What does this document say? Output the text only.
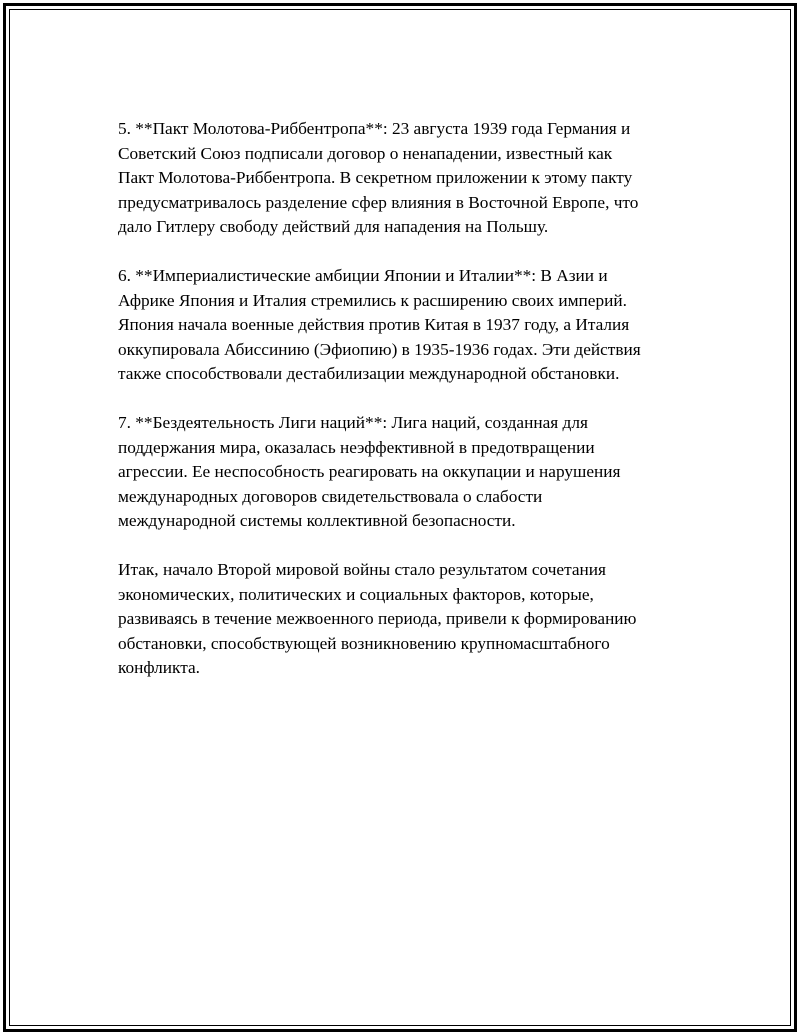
5. **Пакт Молотова-Риббентропа**: 23 августа 1939 года Германия и
Советский Союз подписали договор о ненападении, известный как
Пакт Молотова-Риббентропа. В секретном приложении к этому пакту
предусматривалось разделение сфер влияния в Восточной Европе, что
дало Гитлеру свободу действий для нападения на Польшу.

6. **Империалистические амбиции Японии и Италии**: В Азии и
Африке Япония и Италия стремились к расширению своих империй.
Япония начала военные действия против Китая в 1937 году, а Италия
оккупировала Абиссинию (Эфиопию) в 1935-1936 годах. Эти действия
также способствовали дестабилизации международной обстановки.

7. **Бездеятельность Лиги наций**: Лига наций, созданная для
поддержания мира, оказалась неэффективной в предотвращении
агрессии. Ее неспособность реагировать на оккупации и нарушения
международных договоров свидетельствовала о слабости
международной системы коллективной безопасности.

Итак, начало Второй мировой войны стало результатом сочетания
экономических, политических и социальных факторов, которые,
развиваясь в течение межвоенного периода, привели к формированию
обстановки, способствующей возникновению крупномасштабного
конфликта.
